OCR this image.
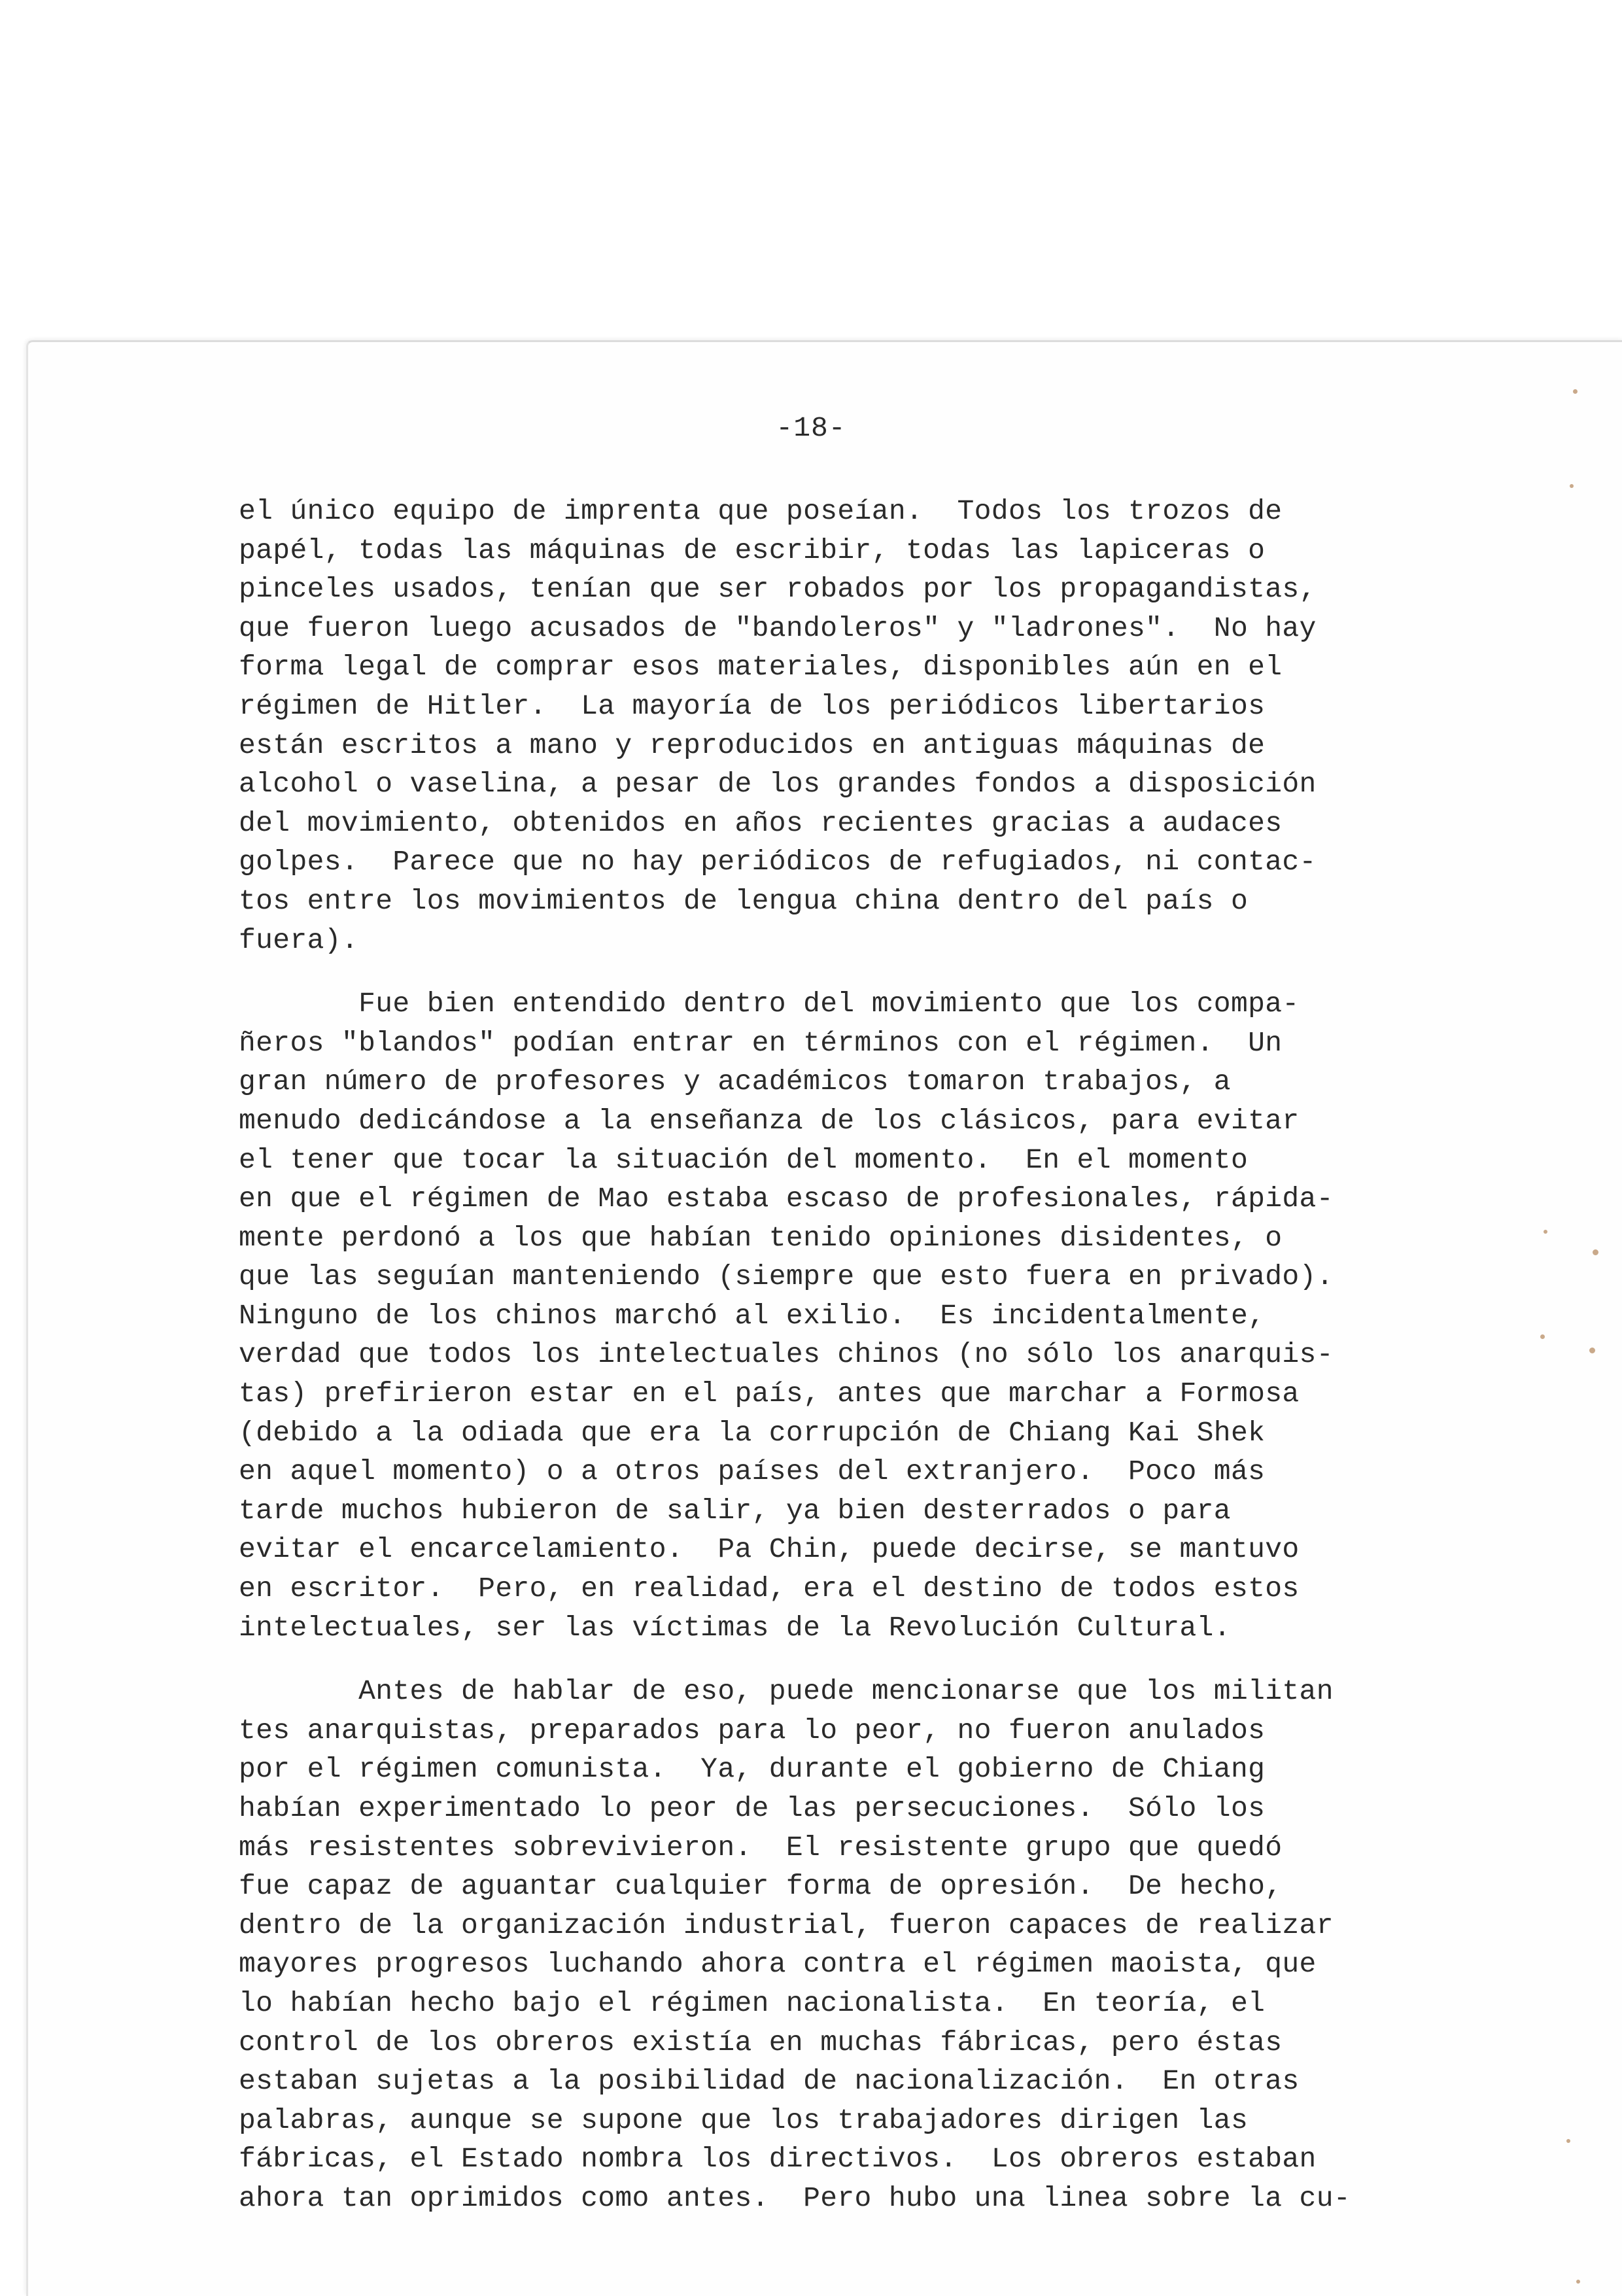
-18-
el único equipo de imprenta que poseían.  Todos los trozos de
papél, todas las máquinas de escribir, todas las lapiceras o
pinceles usados, tenían que ser robados por los propagandistas,
que fueron luego acusados de "bandoleros" y "ladrones".  No hay
forma legal de comprar esos materiales, disponibles aún en el
régimen de Hitler.  La mayoría de los periódicos libertarios
están escritos a mano y reproducidos en antiguas máquinas de
alcohol o vaselina, a pesar de los grandes fondos a disposición
del movimiento, obtenidos en años recientes gracias a audaces
golpes.  Parece que no hay periódicos de refugiados, ni contac-
tos entre los movimientos de lengua china dentro del país o
fuera).
Fue bien entendido dentro del movimiento que los compa-
ñeros "blandos" podían entrar en términos con el régimen.  Un
gran número de profesores y académicos tomaron trabajos, a
menudo dedicándose a la enseñanza de los clásicos, para evitar
el tener que tocar la situación del momento.  En el momento
en que el régimen de Mao estaba escaso de profesionales, rápida-
mente perdonó a los que habían tenido opiniones disidentes, o
que las seguían manteniendo (siempre que esto fuera en privado).
Ninguno de los chinos marchó al exilio.  Es incidentalmente,
verdad que todos los intelectuales chinos (no sólo los anarquis-
tas) prefirieron estar en el país, antes que marchar a Formosa
(debido a la odiada que era la corrupción de Chiang Kai Shek
en aquel momento) o a otros países del extranjero.  Poco más
tarde muchos hubieron de salir, ya bien desterrados o para
evitar el encarcelamiento.  Pa Chin, puede decirse, se mantuvo
en escritor.  Pero, en realidad, era el destino de todos estos
intelectuales, ser las víctimas de la Revolución Cultural.
Antes de hablar de eso, puede mencionarse que los militan
tes anarquistas, preparados para lo peor, no fueron anulados
por el régimen comunista.  Ya, durante el gobierno de Chiang
habían experimentado lo peor de las persecuciones.  Sólo los
más resistentes sobrevivieron.  El resistente grupo que quedó
fue capaz de aguantar cualquier forma de opresión.  De hecho,
dentro de la organización industrial, fueron capaces de realizar
mayores progresos luchando ahora contra el régimen maoista, que
lo habían hecho bajo el régimen nacionalista.  En teoría, el
control de los obreros existía en muchas fábricas, pero éstas
estaban sujetas a la posibilidad de nacionalización.  En otras
palabras, aunque se supone que los trabajadores dirigen las
fábricas, el Estado nombra los directivos.  Los obreros estaban
ahora tan oprimidos como antes.  Pero hubo una linea sobre la cu-
